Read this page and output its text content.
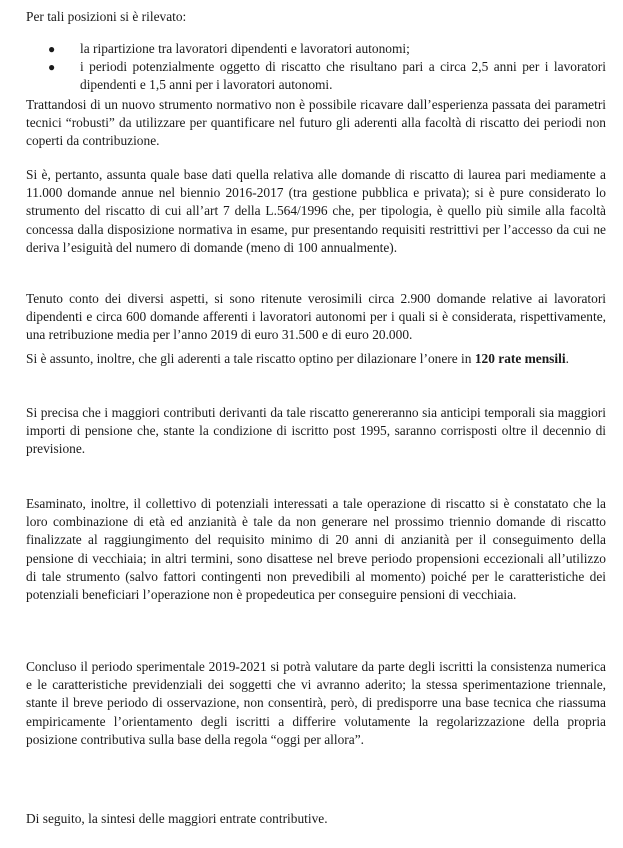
Per tali posizioni si è rilevato:

● la ripartizione tra lavoratori dipendenti e lavoratori autonomi;
● i periodi potenzialmente oggetto di riscatto che risultano pari a circa 2,5 anni per i lavoratori dipendenti e 1,5 anni per i lavoratori autonomi.

Trattandosi di un nuovo strumento normativo non è possibile ricavare dall’esperienza passata dei parametri tecnici “robusti” da utilizzare per quantificare nel futuro gli aderenti alla facoltà di riscatto dei periodi non coperti da contribuzione.

Si è, pertanto, assunta quale base dati quella relativa alle domande di riscatto di laurea pari mediamente a 11.000 domande annue nel biennio 2016-2017 (tra gestione pubblica e privata); si è pure considerato lo strumento del riscatto di cui all’art 7 della L.564/1996 che, per tipologia, è quello più simile alla facoltà concessa dalla disposizione normativa in esame, pur presentando requisiti restrittivi per l’accesso da cui ne deriva l’esiguità del numero di domande (meno di 100 annualmente).

Tenuto conto dei diversi aspetti, si sono ritenute verosimili circa 2.900 domande relative ai lavoratori dipendenti e circa 600 domande afferenti i lavoratori autonomi per i quali si è considerata, rispettivamente, una retribuzione media per l’anno 2019 di euro 31.500 e di euro 20.000.

Si è assunto, inoltre, che gli aderenti a tale riscatto optino per dilazionare l’onere in 120 rate mensili.

Si precisa che i maggiori contributi derivanti da tale riscatto genereranno sia anticipi temporali sia maggiori importi di pensione che, stante la condizione di iscritto post 1995, saranno corrisposti oltre il decennio di previsione.

Esaminato, inoltre, il collettivo di potenziali interessati a tale operazione di riscatto si è constatato che la loro combinazione di età ed anzianità è tale da non generare nel prossimo triennio domande di riscatto finalizzate al raggiungimento del requisito minimo di 20 anni di anzianità per il conseguimento della pensione di vecchiaia; in altri termini, sono disattese nel breve periodo propensioni eccezionali all’utilizzo di tale strumento (salvo fattori contingenti non prevedibili al momento) poiché per le caratteristiche dei potenziali beneficiari l’operazione non è propedeutica per conseguire pensioni di vecchiaia.

Concluso il periodo sperimentale 2019-2021 si potrà valutare da parte degli iscritti la consistenza numerica e le caratteristiche previdenziali dei soggetti che vi avranno aderito; la stessa sperimentazione triennale, stante il breve periodo di osservazione, non consentirà, però, di predisporre una base tecnica che riassuma empiricamente l’orientamento degli iscritti a differire volutamente la regolarizzazione della propria posizione contributiva sulla base della regola “oggi per allora”.

Di seguito, la sintesi delle maggiori entrate contributive.
